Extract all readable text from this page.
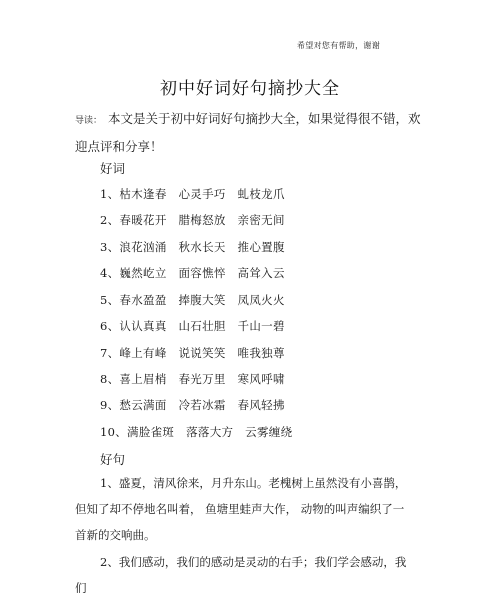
希望对您有帮助，谢谢
初中好词好句摘抄大全
导读： 本文是关于初中好词好句摘抄大全，如果觉得很不错，欢迎点评和分享！
好词
1、枯木逢春   心灵手巧   虬枝龙爪
2、春暖花开   腊梅怒放   亲密无间
3、浪花汹涌   秋水长天   推心置腹
4、巍然屹立   面容憔悴   高耸入云
5、春水盈盈   捧腹大笑   凤凤火火
6、认认真真   山石壮胆   千山一碧
7、峰上有峰   说说笑笑   唯我独尊
8、喜上眉梢   春光万里   寒风呼啸
9、愁云满面   冷若冰霜   春风轻拂
10、满脸雀斑   落落大方   云雾缠绕
好句
1、盛夏，清风徐来，月升东山。老槐树上虽然没有小喜鹊，但知了却不停地名叫着， 鱼塘里蛙声大作， 动物的叫声编织了一首新的交响曲。
2、我们感动，我们的感动是灵动的右手；我们学会感动，我们
